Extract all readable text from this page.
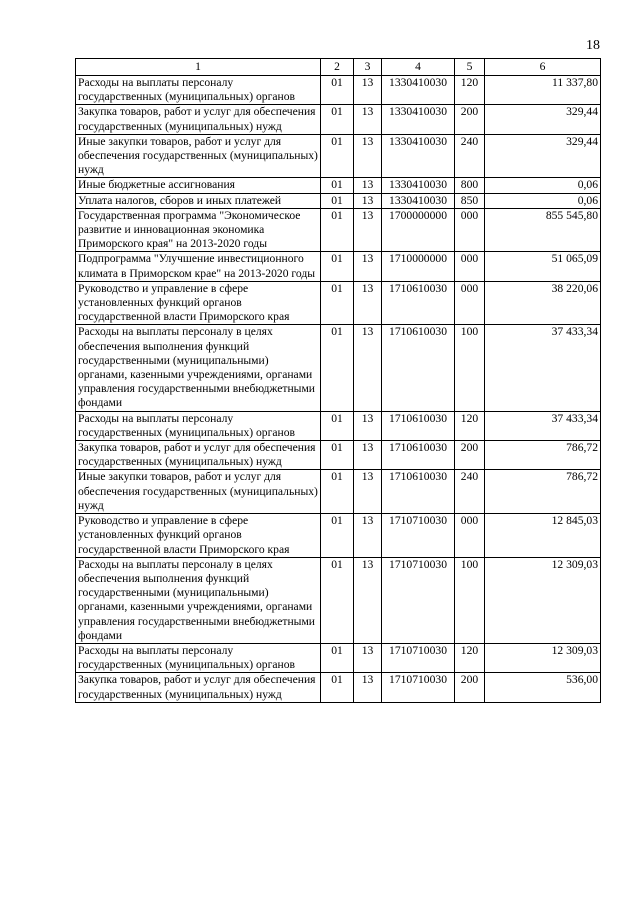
18
1	2	3	4	5	6
Расходы на выплаты персоналу государственных (муниципальных) органов	01	13	1330410030	120	11 337,80
Закупка товаров, работ и услуг для обеспечения государственных (муниципальных) нужд	01	13	1330410030	200	329,44
Иные закупки товаров, работ и услуг для обеспечения государственных (муниципальных) нужд	01	13	1330410030	240	329,44
Иные бюджетные ассигнования	01	13	1330410030	800	0,06
Уплата налогов, сборов и иных платежей	01	13	1330410030	850	0,06
Государственная программа "Экономическое развитие и инновационная экономика Приморского края" на 2013-2020 годы	01	13	1700000000	000	855 545,80
Подпрограмма "Улучшение инвестиционного климата в Приморском крае" на 2013-2020 годы	01	13	1710000000	000	51 065,09
Руководство и управление в сфере установленных функций органов государственной власти Приморского края	01	13	1710610030	000	38 220,06
Расходы на выплаты персоналу в целях обеспечения выполнения функций государственными (муниципальными) органами, казенными учреждениями, органами управления государственными внебюджетными фондами	01	13	1710610030	100	37 433,34
Расходы на выплаты персоналу государственных (муниципальных) органов	01	13	1710610030	120	37 433,34
Закупка товаров, работ и услуг для обеспечения государственных (муниципальных) нужд	01	13	1710610030	200	786,72
Иные закупки товаров, работ и услуг для обеспечения государственных (муниципальных) нужд	01	13	1710610030	240	786,72
Руководство и управление в сфере установленных функций органов государственной власти Приморского края	01	13	1710710030	000	12 845,03
Расходы на выплаты персоналу в целях обеспечения выполнения функций государственными (муниципальными) органами, казенными учреждениями, органами управления государственными внебюджетными фондами	01	13	1710710030	100	12 309,03
Расходы на выплаты персоналу государственных (муниципальных) органов	01	13	1710710030	120	12 309,03
Закупка товаров, работ и услуг для обеспечения государственных (муниципальных) нужд	01	13	1710710030	200	536,00
